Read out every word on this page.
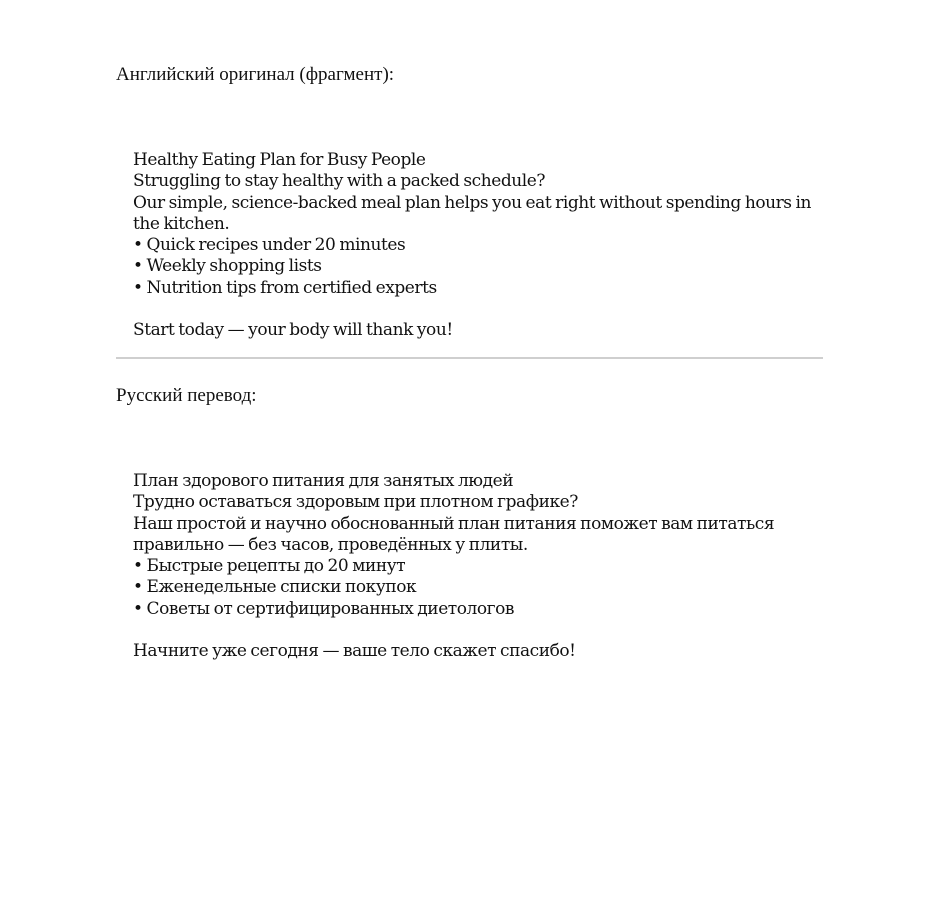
Английский оригинал (фрагмент):

Healthy Eating Plan for Busy People

Struggling to stay healthy with a packed schedule?

Our simple, science-backed meal plan helps you eat right without spending hours in the kitchen.

• Quick recipes under 20 minutes
• Weekly shopping lists
• Nutrition tips from certified experts

Start today — your body will thank you!

Русский перевод:

План здорового питания для занятых людей

Трудно оставаться здоровым при плотном графике?

Наш простой и научно обоснованный план питания поможет вам питаться правильно — без часов, проведённых у плиты.

• Быстрые рецепты до 20 минут
• Еженедельные списки покупок
• Советы от сертифицированных диетологов

Начните уже сегодня — ваше тело скажет спасибо!
